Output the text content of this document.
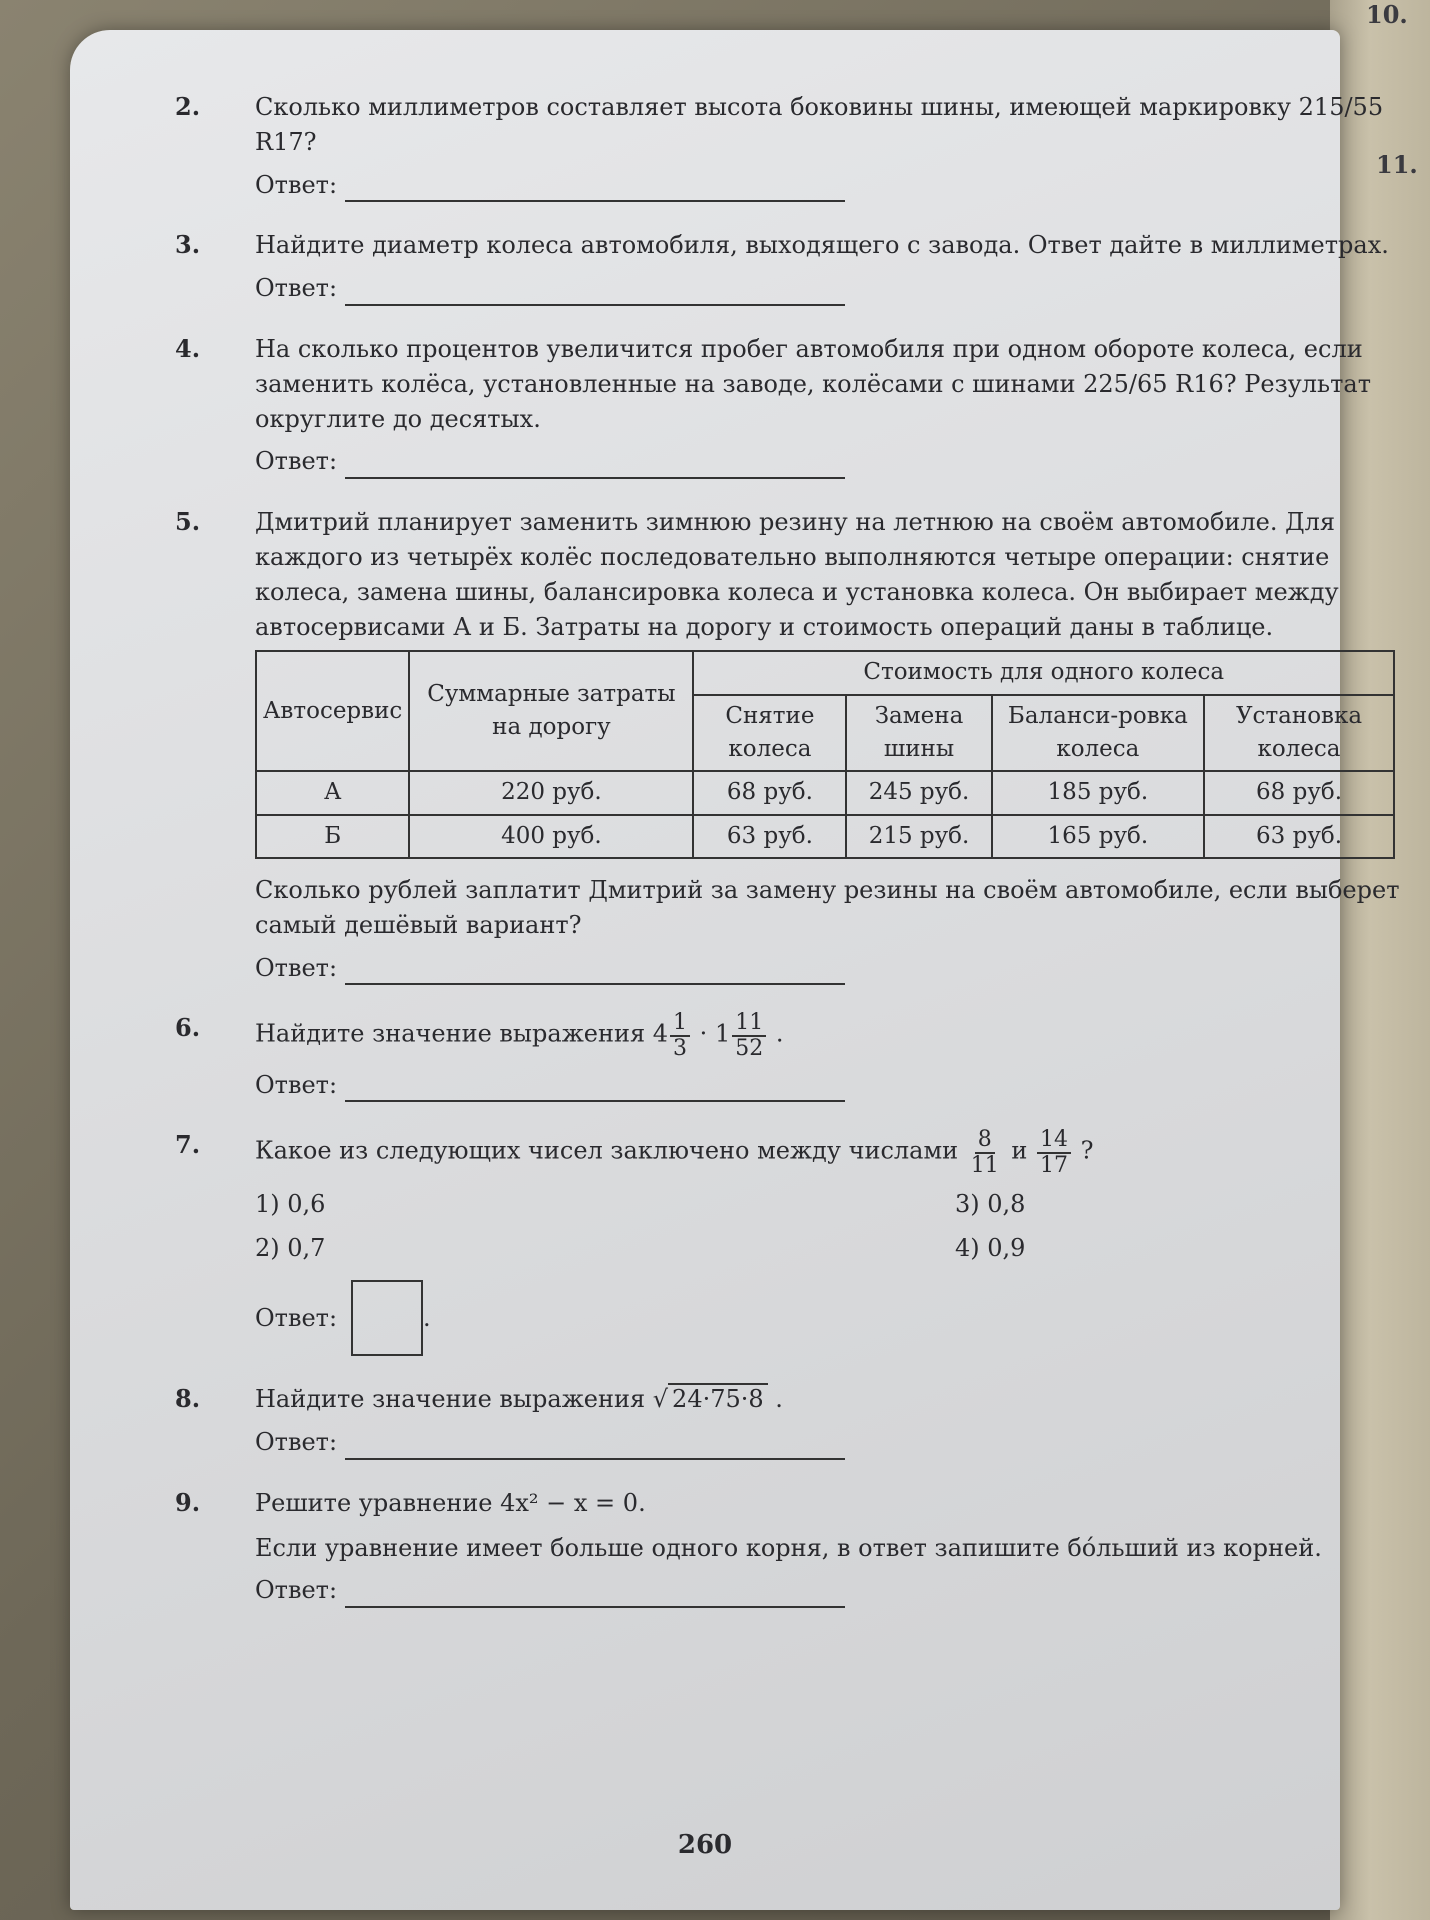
10.
11.
2.	Сколько миллиметров составляет высота боковины шины, имеющей маркировку 215/55 R17?

Ответ:
3.	Найдите диаметр колеса автомобиля, выходящего с завода. Ответ дайте в миллиметрах.

Ответ:
4.	На сколько процентов увеличится пробег автомобиля при одном обороте колеса, если заменить колёса, установленные на заводе, колёсами с шинами 225/65 R16? Результат округлите до десятых.

Ответ:
5.	Дмитрий планирует заменить зимнюю резину на летнюю на своём автомобиле. Для каждого из четырёх колёс последовательно выполняются четыре операции: снятие колеса, замена шины, балансировка колеса и установка колеса. Он выбирает между автосервисами А и Б. Затраты на дорогу и стоимость операций даны в таблице.

Автосервис	Суммарные затраты на дорогу	Стоимость для одного колеса			
		Снятие колеса	Замена шины	Баланси-ровка колеса	Установка колеса
А	220 руб.	68 руб.	245 руб.	185 руб.	68 руб.
Б	400 руб.	63 руб.	215 руб.	165 руб.	63 руб.

Сколько рублей заплатит Дмитрий за замену резины на своём автомобиле, если выберет самый дешёвый вариант?

Ответ:
6.	Найдите значение выражения $4 \frac{1}{3} \cdot 1 \frac{11}{52}$ .

Ответ:
7.	Какое из следующих чисел заключено между числами $\frac{8}{11}$ и $\frac{14}{17}$ ?

1) 0,6	3) 0,8
2) 0,7	4) 0,9
Ответ:	.
8.	Найдите значение выражения √ 24·75·8 .

Ответ:
9.	Решите уравнение 4x² − x = 0.

Если уравнение имеет больше одного корня, в ответ запишите бо́льший из корней.

Ответ:
260
